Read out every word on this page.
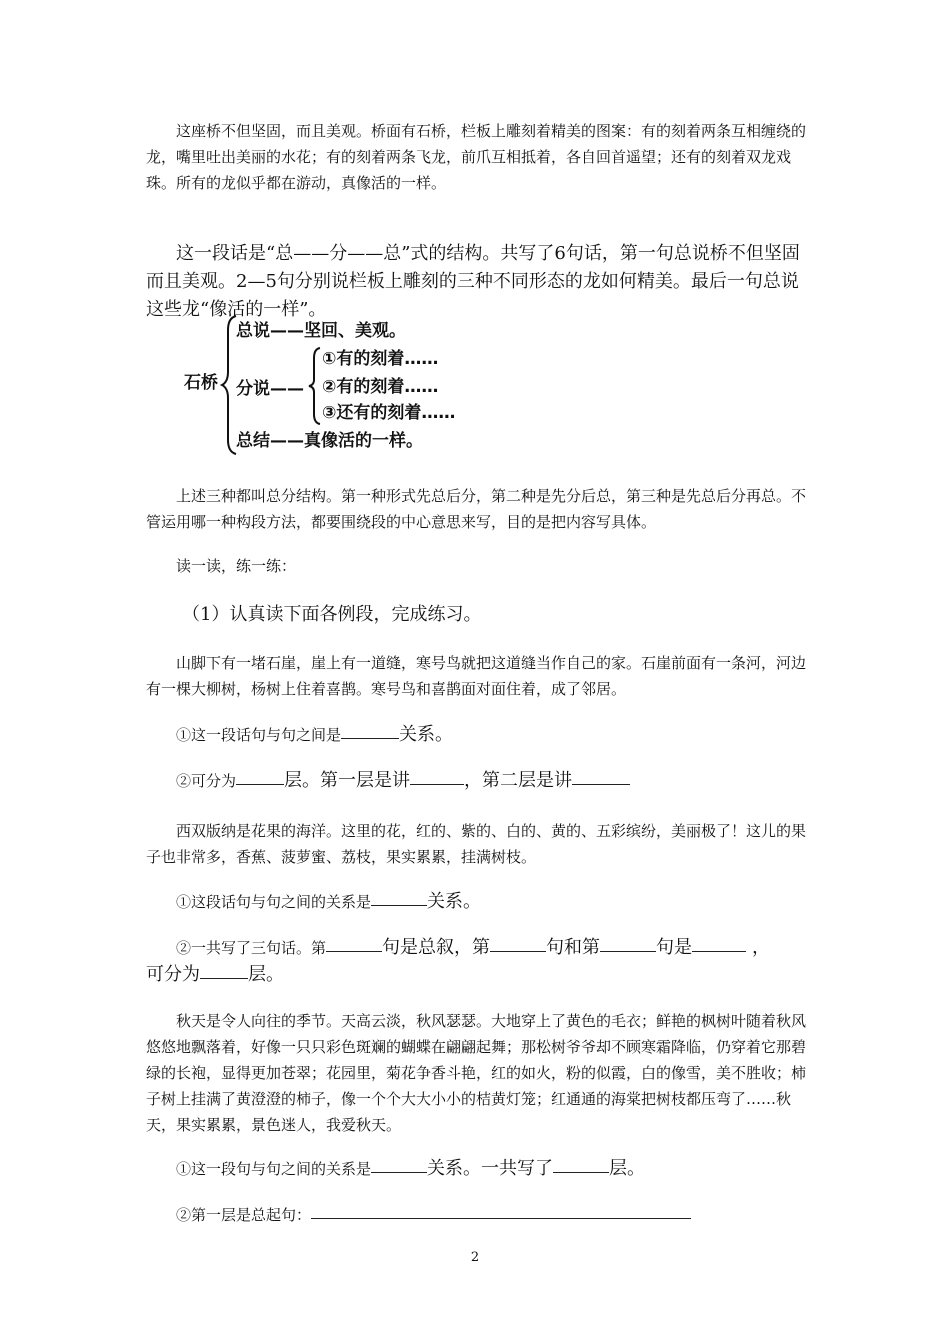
这座桥不但坚固，而且美观。桥面有石桥，栏板上雕刻着精美的图案：有的刻着两条互相缠绕的龙，嘴里吐出美丽的水花；有的刻着两条飞龙，前爪互相抵着，各自回首遥望；还有的刻着双龙戏珠。所有的龙似乎都在游动，真像活的一样。

这一段话是“总——分——总”式的结构。共写了6句话，第一句总说桥不但坚固而且美观。2—5句分别说栏板上雕刻的三种不同形态的龙如何精美。最后一句总说这些龙“像活的一样”。

石桥
总说——坚回、美观。
分说——
①有的刻着……
②有的刻着……
③还有的刻着……
总结——真像活的一样。

上述三种都叫总分结构。第一种形式先总后分，第二种是先分后总，第三种是先总后分再总。不管运用哪一种构段方法，都要围绕段的中心意思来写，目的是把内容写具体。

读一读，练一练：
（1）认真读下面各例段，完成练习。

山脚下有一堵石崖，崖上有一道缝，寒号鸟就把这道缝当作自己的家。石崖前面有一条河，河边有一棵大柳树，杨树上住着喜鹊。寒号鸟和喜鹊面对面住着，成了邻居。

①这一段话句与句之间是	关系。
②可分为	层。第一层是讲	，第二层是讲

西双版纳是花果的海洋。这里的花，红的、紫的、白的、黄的、五彩缤纷，美丽极了！这儿的果子也非常多，香蕉、菠萝蜜、荔枝，果实累累，挂满树枝。

①这段话句与句之间的关系是	关系。
②一共写了三句话。第	句是总叙，第	句和第	句是	，
可分为	层。

秋天是令人向往的季节。天高云淡，秋风瑟瑟。大地穿上了黄色的毛衣；鲜艳的枫树叶随着秋风悠悠地飘落着，好像一只只彩色斑斓的蝴蝶在翩翩起舞；那松树爷爷却不顾寒霜降临，仍穿着它那碧绿的长袍，显得更加苍翠；花园里，菊花争香斗艳，红的如火，粉的似霞，白的像雪，美不胜收；柿子树上挂满了黄澄澄的柿子，像一个个大大小小的桔黄灯笼；红通通的海棠把树枝都压弯了……秋天，果实累累，景色迷人，我爱秋天。

①这一段句与句之间的关系是	关系。一共写了	层。
②第一层是总起句：
2
